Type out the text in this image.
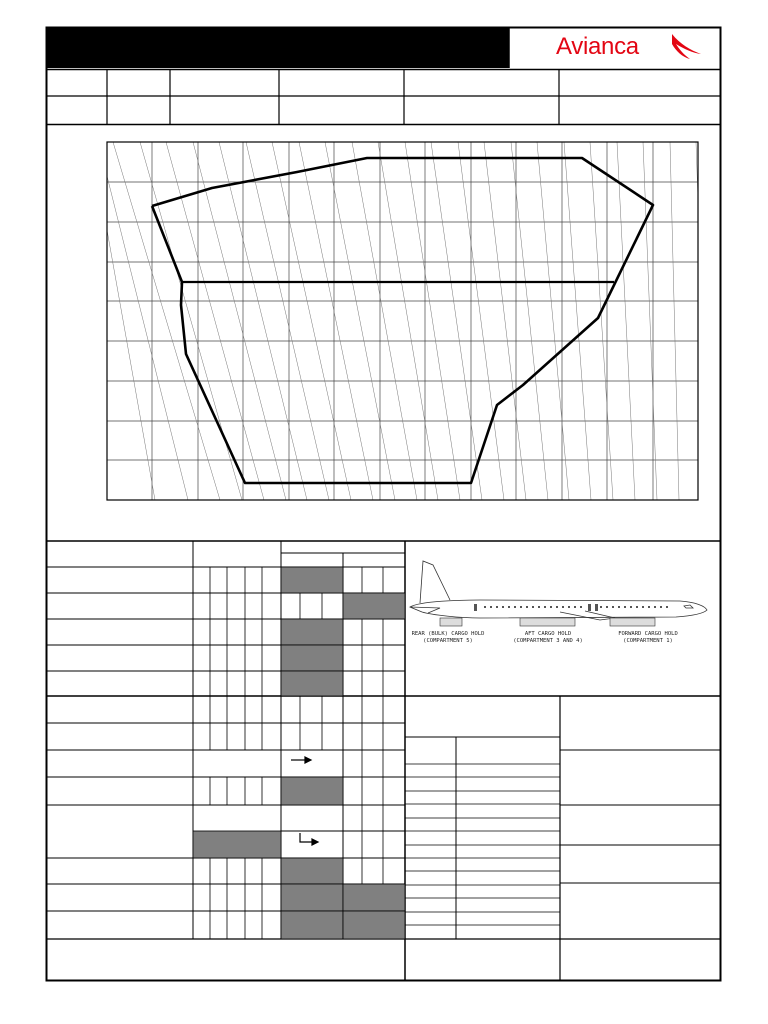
REAR (BULK) CARGO HOLD
(COMPARTMENT 5)
AFT CARGO HOLD
(COMPARTMENT 3 AND 4)
FORWARD CARGO HOLD
(COMPARTMENT 1)
Avianca
